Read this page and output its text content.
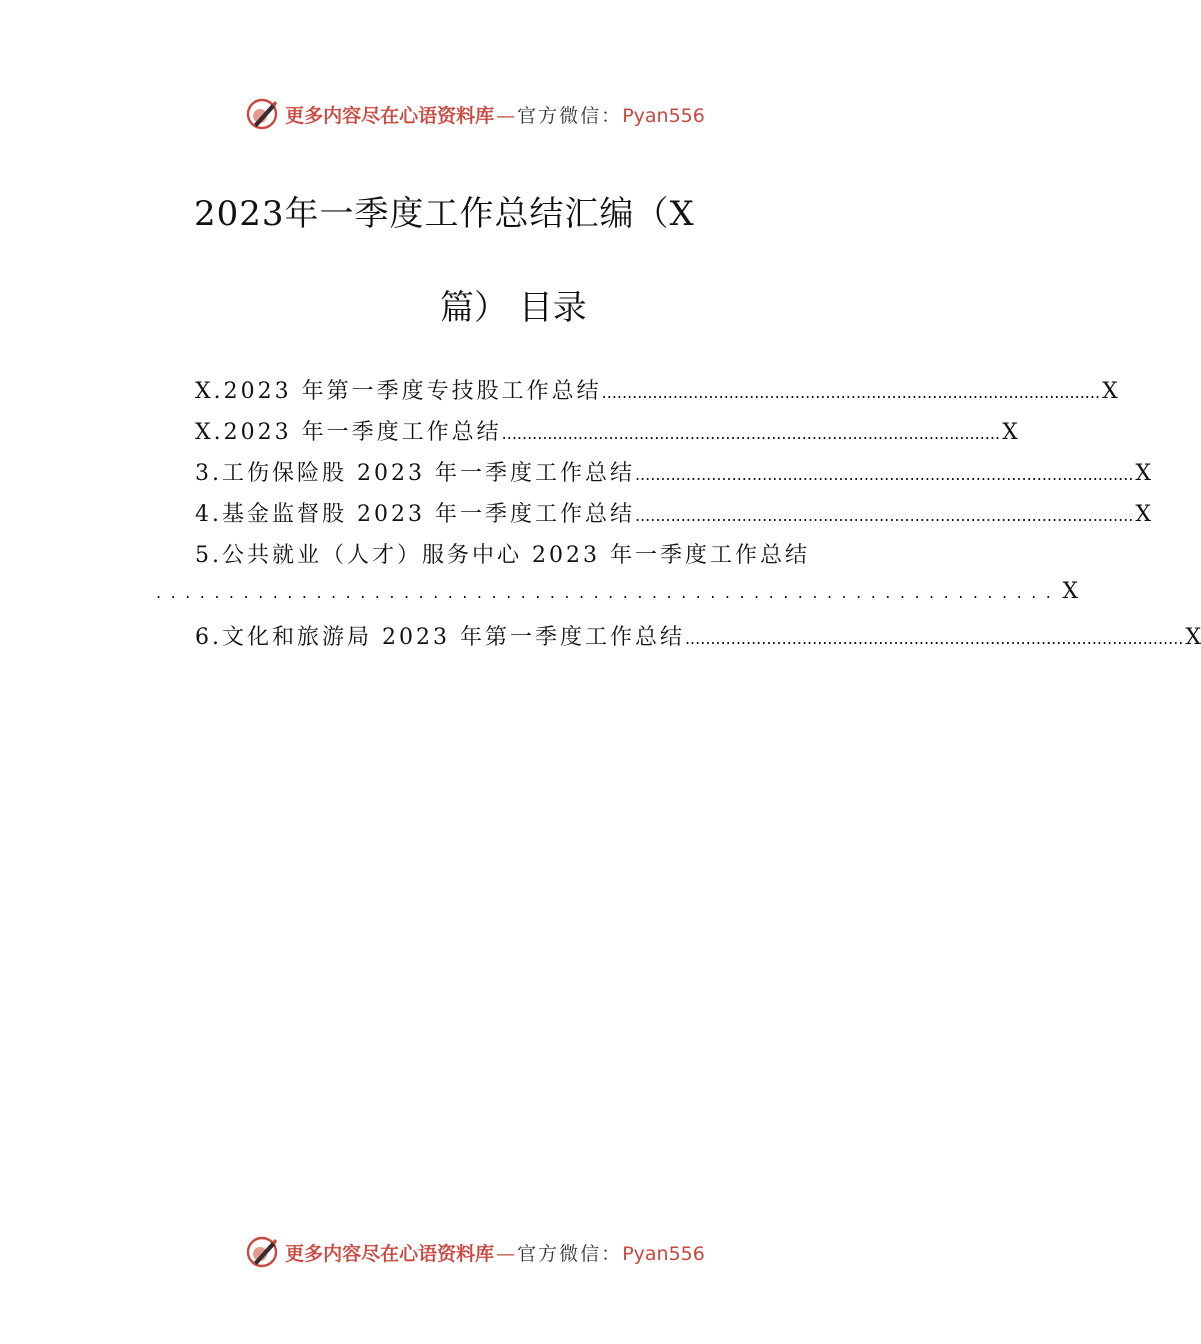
更多内容尽在心语资料库 — 官方微信： Pyan556
2023年一季度工作总结汇编（X
篇） 目录
X.2023 年第一季度专技股工作总结 .................................................................................................. X
X.2023 年一季度工作总结 .................................................................................................. X
3.工伤保险股 2023 年一季度工作总结 .................................................................................................. X
4.基金监督股 2023 年一季度工作总结 .................................................................................................. X
5.公共就业（人才）服务中心 2023 年一季度工作总结
.............................................................. X
6.文化和旅游局 2023 年第一季度工作总结 .................................................................................................. X
更多内容尽在心语资料库 — 官方微信： Pyan556
